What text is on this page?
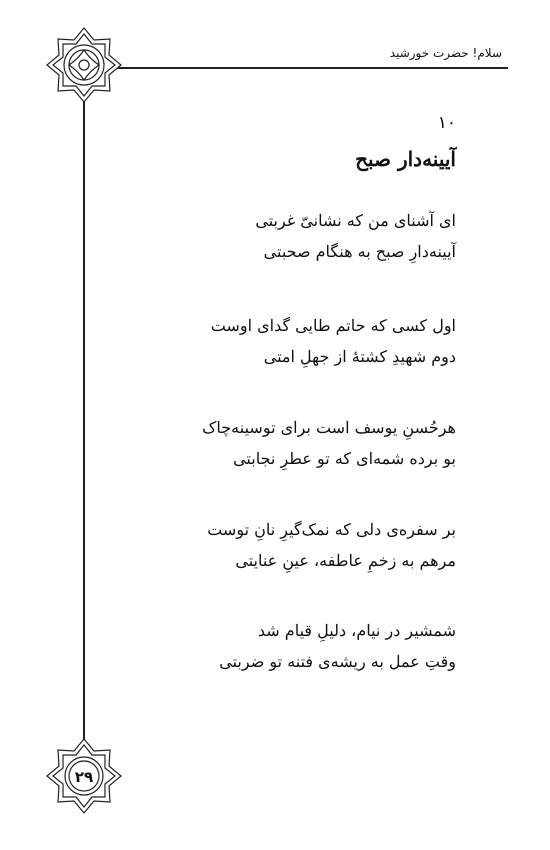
سلام! حضرت خورشید
۲۹
۱۰
آیینه‌دار صبح
ای آشنای من که نشانیّ غربتی
آیینه‌دارِ صبح به هنگام صحبتی
اول کسی که حاتم طایی گدای اوست
دوم شهیدِ کشتهٔ از جهلِ امتی
هرحُسنِ یوسف است برای توسینه‌چاک
بو برده شمه‌ای که تو عطرِ نجابتی
بر سفره‌ی دلی که نمک‌گیرِ نانِ توست
مرهم به زخمِ عاطفه، عینِ عنایتی
شمشیر در نیام، دلیلِ قیام شد
وقتِ عمل به ریشه‌ی فتنه تو ضربتی
